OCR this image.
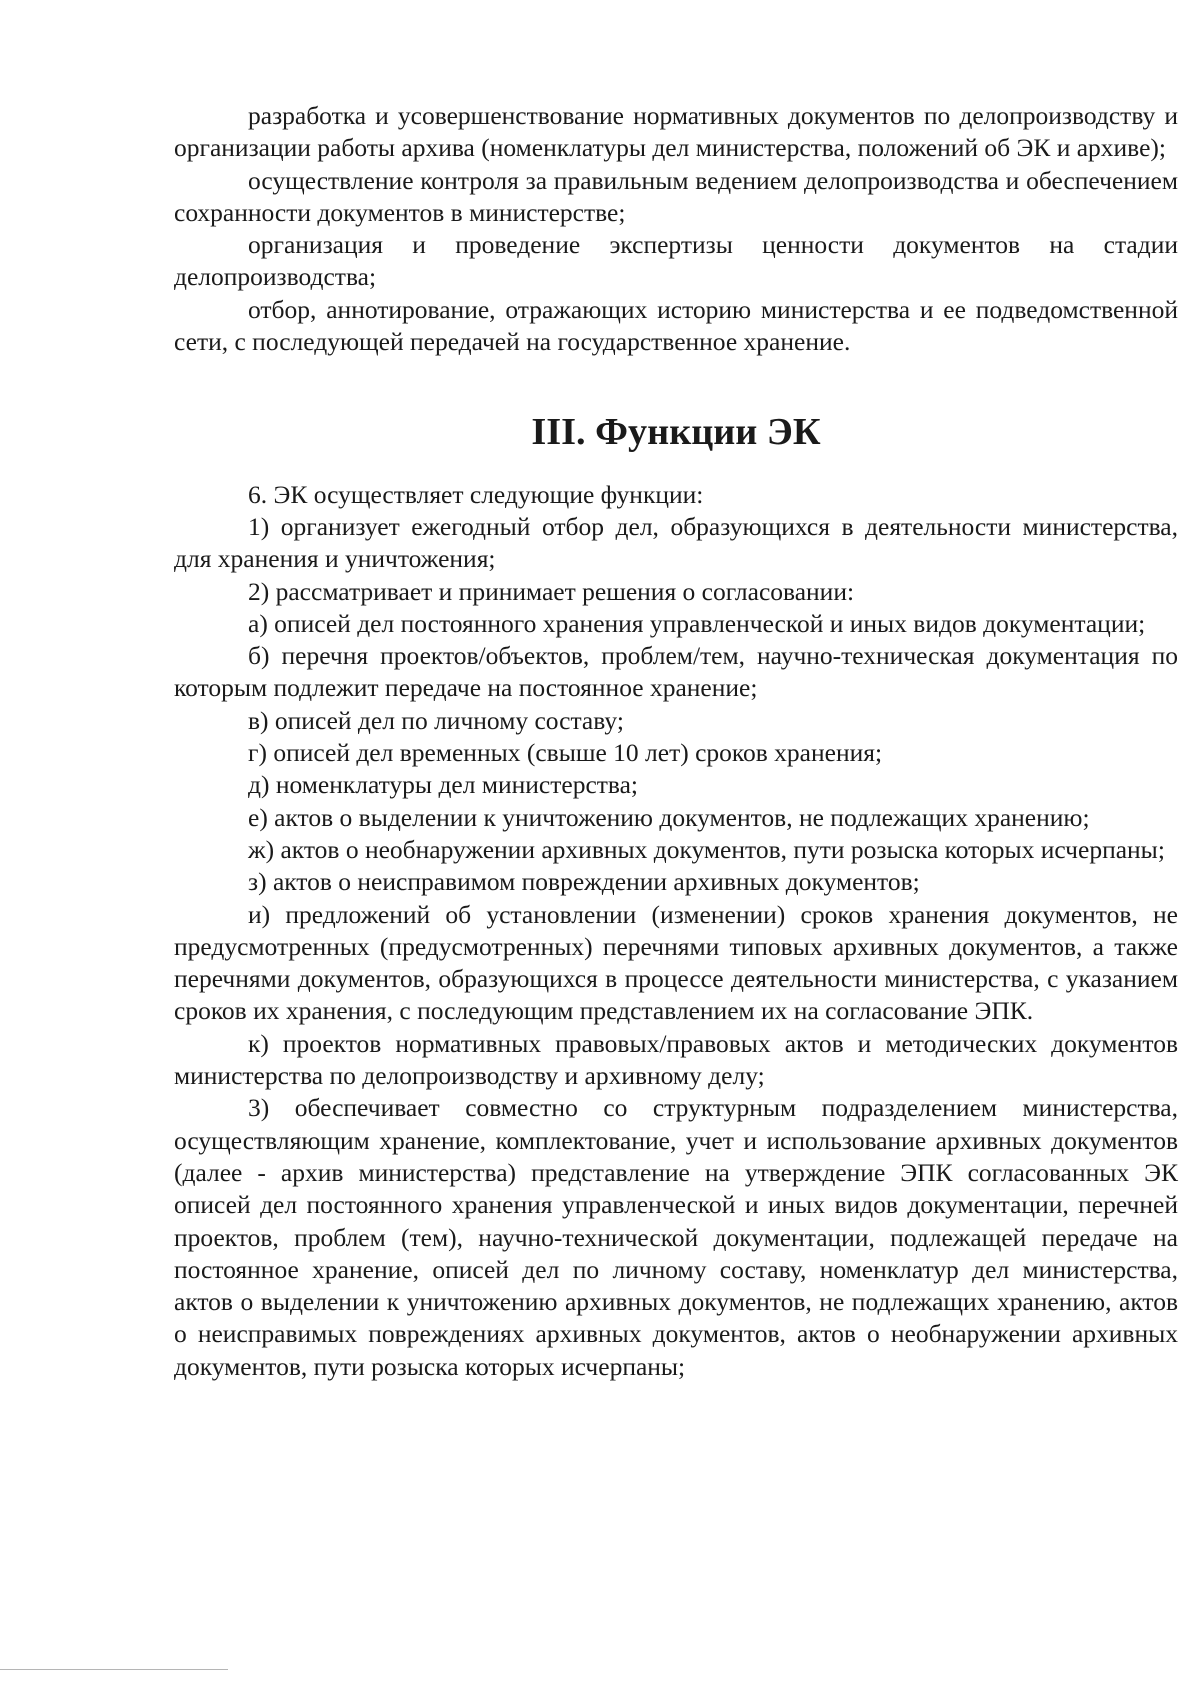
разработка и усовершенствование нормативных документов по делопроизводству и организации работы архива (номенклатуры дел министерства, положений об ЭК и архиве);

осуществление контроля за правильным ведением делопроизводства и обеспечением сохранности документов в министерстве;

организация и проведение экспертизы ценности документов на стадии делопроизводства;

отбор, аннотирование, отражающих историю министерства и ее подведомственной сети, с последующей передачей на государственное хранение.

III. Функции ЭК

6. ЭК осуществляет следующие функции:

1) организует ежегодный отбор дел, образующихся в деятельности министерства, для хранения и уничтожения;

2) рассматривает и принимает решения о согласовании:

а) описей дел постоянного хранения управленческой и иных видов документации;

б) перечня проектов/объектов, проблем/тем, научно-техническая документация по которым подлежит передаче на постоянное хранение;

в) описей дел по личному составу;

г) описей дел временных (свыше 10 лет) сроков хранения;

д) номенклатуры дел министерства;

е) актов о выделении к уничтожению документов, не подлежащих хранению;

ж) актов о необнаружении архивных документов, пути розыска которых исчерпаны;

з) актов о неисправимом повреждении архивных документов;

и) предложений об установлении (изменении) сроков хранения документов, не предусмотренных (предусмотренных) перечнями типовых архивных документов, а также перечнями документов, образующихся в процессе деятельности министерства, с указанием сроков их хранения, с последующим представлением их на согласование ЭПК.

к) проектов нормативных правовых/правовых актов и методических документов министерства по делопроизводству и архивному делу;

3) обеспечивает совместно со структурным подразделением министерства, осуществляющим хранение, комплектование, учет и использование архивных документов (далее - архив министерства) представление на утверждение ЭПК согласованных ЭК описей дел постоянного хранения управленческой и иных видов документации, перечней проектов, проблем (тем), научно-технической документации, подлежащей передаче на постоянное хранение, описей дел по личному составу, номенклатур дел министерства, актов о выделении к уничтожению архивных документов, не подлежащих хранению, актов о неисправимых повреждениях архивных документов, актов о необнаружении архивных документов, пути розыска которых исчерпаны;
